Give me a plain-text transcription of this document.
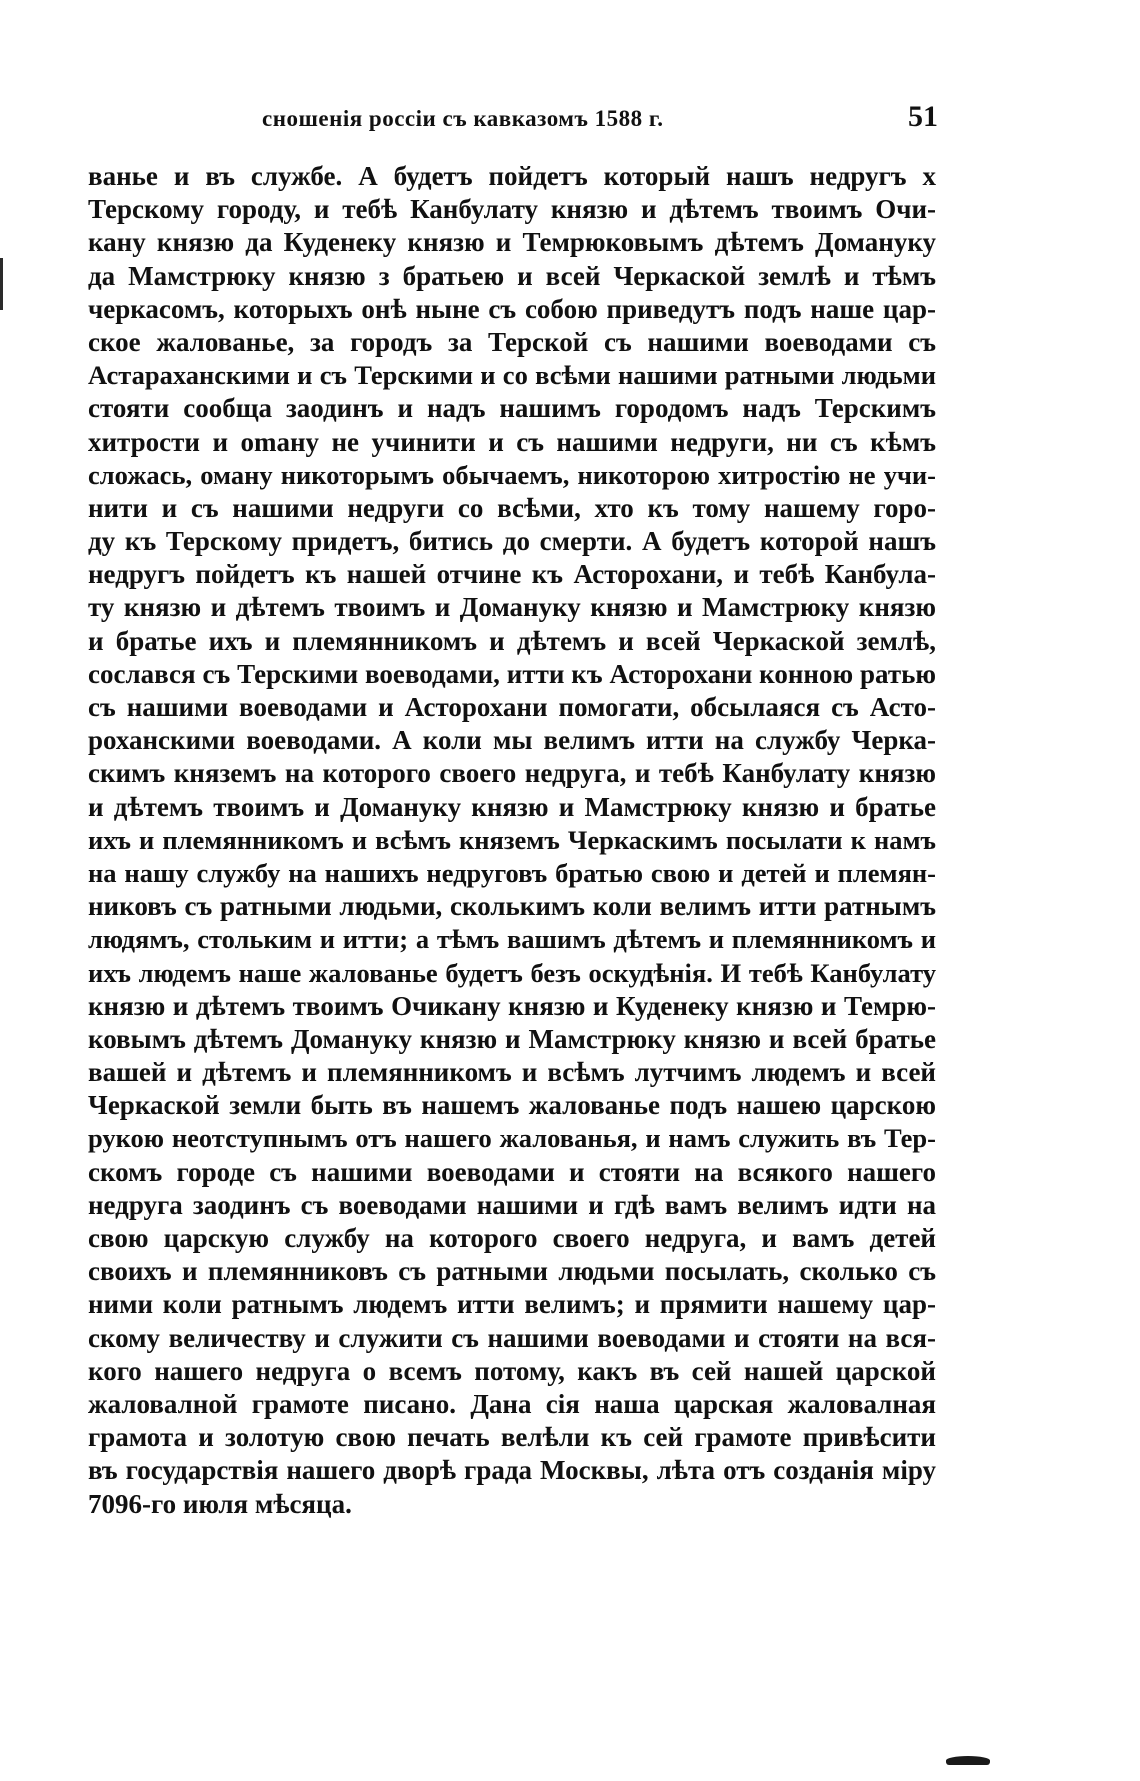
сношенiя россiи съ кавказомъ 1588 г.	51
ванье и въ службе. А будетъ пойдетъ который нашъ недругъ х
Терскому городу, и тебѣ Канбулату князю и дѣтемъ твоимъ Очи-
кану князю да Куденеку князю и Темрюковымъ дѣтемъ Домануку
да Мамстрюку князю з братьею и всей Черкаской землѣ и тѣмъ
черкасомъ, которыхъ онѣ ныне съ собою приведутъ подъ наше цар-
ское жалованье, за городъ за Терской съ нашими воеводами съ
Астараханскими и съ Терскими и со всѣми нашими ратными людьми
стояти сообща заодинъ и надъ нашимъ городомъ надъ Терскимъ
хитрости и omaнy не учинити и съ нашими недруги, ни съ кѣмъ
сложась, оману никоторымъ обычаемъ, никоторою хитростiю не учи-
нити и съ нашими недруги со всѣми, хто къ тому нашему горо-
ду къ Терскому придетъ, битись до смерти. А будетъ которой нашъ
недругъ пойдетъ къ нашей отчине къ Асторохани, и тебѣ Канбула-
ту князю и дѣтемъ твоимъ и Доманyку князю и Мамстрюку князю
и братье ихъ и племянникомъ и дѣтемъ и всей Черкаской землѣ,
сослався съ Терскими воеводами, итти къ Асторохани конною ратью
съ нашими воеводами и Асторохани помогати, обсылаяся съ Асто-
роханскими воеводами. А коли мы велимъ итти на службу Черка-
скимъ княземъ на которого своего недруга, и тебѣ Канбулату князю
и дѣтемъ твоимъ и Домануку князю и Мамстрюку князю и братье
ихъ и племянникомъ и всѣмъ княземъ Черкаскимъ посылати к намъ
на нашу службу на нашихъ недруговъ братью свою и детей и племян-
никовъ съ ратными людьми, сколькимъ коли велимъ итти ратнымъ
людямъ, стольким и итти; а тѣмъ вашимъ дѣтемъ и племянникомъ и
ихъ людемъ наше жалованье будетъ безъ оскудѣнiя. И тебѣ Канбулату
князю и дѣтемъ твоимъ Очикану князю и Куденеку князю и Темрю-
ковымъ дѣтемъ Домануку князю и Мамстрюку князю и всей братье
вашей и дѣтемъ и племянникомъ и всѣмъ лутчимъ людемъ и всей
Черкаской земли быть въ нашемъ жалованье подъ нашею царскою
рукою неотступнымъ отъ нашего жалованья, и намъ служить въ Тер-
скомъ городе съ нашими воеводами и стояти на всякого нашего
недруга заодинъ съ воеводами нашими и гдѣ вамъ велимъ идти на
свою царскую службу на которого своего недруга, и вамъ детей
своихъ и племянниковъ съ ратными людьми посылать, сколько съ
ними коли ратнымъ людемъ итти велимъ; и прямити нашему цар-
скому величеству и служити съ нашими воеводами и стояти на вся-
кого нашего недруга о всемъ потому, какъ въ сей нашей царской
жаловалной грамоте писано. Дана сiя наша царская жаловалная
грамота и золотую свою печать велѣли къ сей грамоте привѣсити
въ государствiя нашего дворѣ града Москвы, лѣта отъ созданiя мiру
7096-го июля мѣсяца.
